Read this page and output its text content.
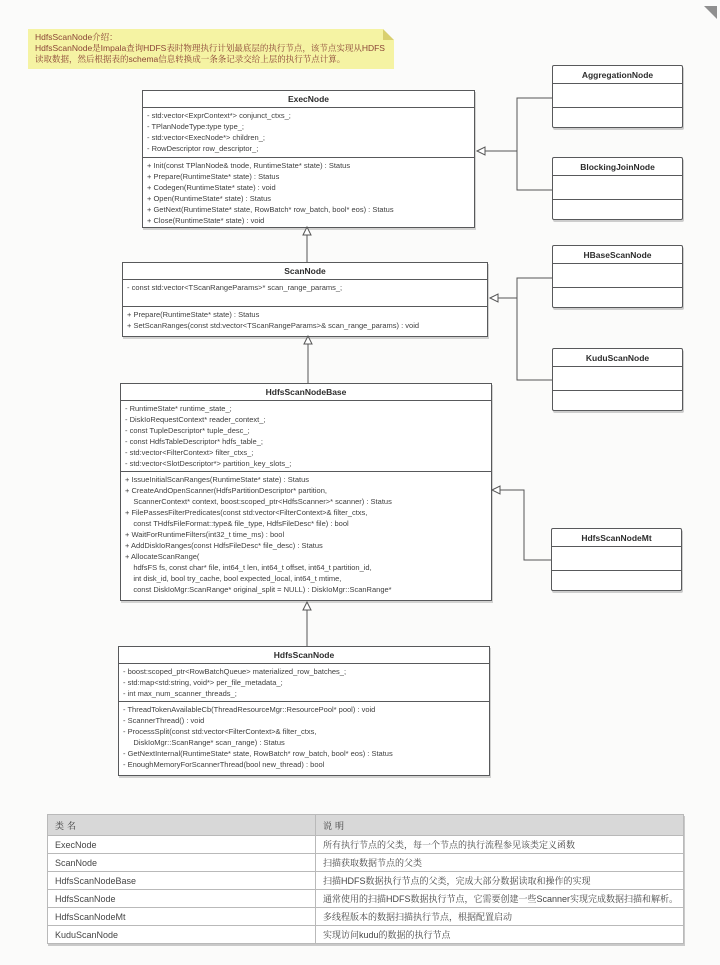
HdfsScanNode介绍：
HdfsScanNode是Impala查询HDFS表时物理执行计划最底层的执行节点，该节点实现从HDFS读取数据，然后根据表的schema信息转换成一条条记录交给上层的执行节点计算。
ExecNode
- std:vector<ExprContext*> conjunct_ctxs_;
- TPlanNodeType:type type_;
- std:vector<ExecNode*> children_;
- RowDescriptor row_descriptor_;
+ Init(const TPlanNode& tnode, RuntimeState* state) : Status
+ Prepare(RuntimeState* state) : Status
+ Codegen(RuntimeState* state) : void
+ Open(RuntimeState* state) : Status
+ GetNext(RuntimeState* state, RowBatch* row_batch, bool* eos) : Status
+ Close(RuntimeState* state) : void
ScanNode
- const std:vector<TScanRangeParams>* scan_range_params_;
+ Prepare(RuntimeState* state) : Status
+ SetScanRanges(const std:vector<TScanRangeParams>& scan_range_params) : void
HdfsScanNodeBase
- RuntimeState* runtime_state_;
- DiskIoRequestContext* reader_context_;
- const TupleDescriptor* tuple_desc_;
- const HdfsTableDescriptor* hdfs_table_;
- std:vector<FilterContext> filter_ctxs_;
- std:vector<SlotDescriptor*> partition_key_slots_;
+ IssueInitialScanRanges(RuntimeState* state) : Status
+ CreateAndOpenScanner(HdfsPartitionDescriptor* partition,
ScannerContext* context, boost:scoped_ptr<HdfsScanner>* scanner) : Status
+ FilePassesFilterPredicates(const std:vector<FilterContext>& filter_ctxs,
const THdfsFileFormat::type& file_type, HdfsFileDesc* file) : bool
+ WaitForRuntimeFilters(int32_t time_ms) : bool
+ AddDiskIoRanges(const HdfsFileDesc* file_desc) : Status
+ AllocateScanRange(
hdfsFS fs, const char* file, int64_t len, int64_t offset, int64_t partition_id,
int disk_id, bool try_cache, bool expected_local, int64_t mtime,
const DiskIoMgr:ScanRange* original_split = NULL) : DiskIoMgr::ScanRange*
HdfsScanNode
- boost:scoped_ptr<RowBatchQueue> materialized_row_batches_;
- std:map<std:string, void*> per_file_metadata_;
- int max_num_scanner_threads_;
- ThreadTokenAvailableCb(ThreadResourceMgr::ResourcePool* pool) : void
- ScannerThread() : void
- ProcessSplit(const std:vector<FilterContext>& filter_ctxs,
DiskIoMgr::ScanRange* scan_range) : Status
- GetNextInternal(RuntimeState* state, RowBatch* row_batch, bool* eos) : Status
- EnoughMemoryForScannerThread(bool new_thread) : bool
AggregationNode
BlockingJoinNode
HBaseScanNode
KuduScanNode
HdfsScanNodeMt
类名	说明
ExecNode	所有执行节点的父类，每一个节点的执行流程参见该类定义函数
ScanNode	扫描获取数据节点的父类
HdfsScanNodeBase	扫描HDFS数据执行节点的父类，完成大部分数据读取和操作的实现
HdfsScanNode	通常使用的扫描HDFS数据执行节点，它需要创建一些Scanner实现完成数据扫描和解析。
HdfsScanNodeMt	多线程版本的数据扫描执行节点，根据配置启动
KuduScanNode	实现访问kudu的数据的执行节点
